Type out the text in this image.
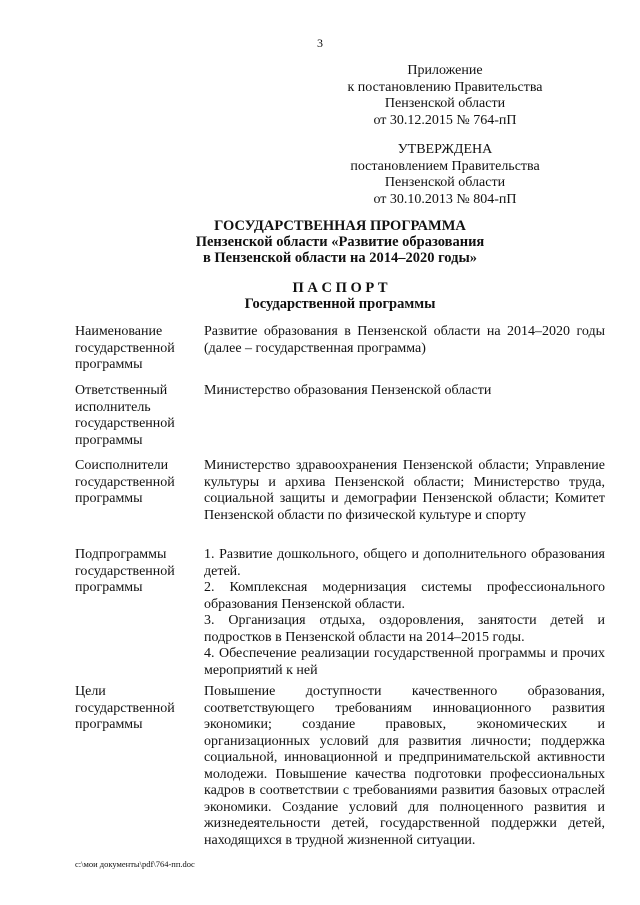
3
Приложение
к постановлению Правительства
Пензенской области
от 30.12.2015 № 764-пП
УТВЕРЖДЕНА
постановлением Правительства
Пензенской области
от 30.10.2013 № 804-пП
ГОСУДАРСТВЕННАЯ ПРОГРАММА
Пензенской области «Развитие образования
в Пензенской области на 2014–2020 годы»
П А С П О Р Т
Государственной программы
Наименование государственной программы

Развитие образования в Пензенской области на 2014–2020 годы (далее – государственная программа)

Ответственный исполнитель государственной программы

Министерство образования Пензенской области

Соисполнители государственной программы

Министерство здравоохранения Пензенской области; Управление культуры и архива Пензенской области; Министерство труда, социальной защиты и демографии Пензенской области; Комитет Пензенской области по физической культуре и спорту

Подпрограммы государственной программы

1. Развитие дошкольного, общего и дополнительного образования детей.

2. Комплексная модернизация системы профессионального образования Пензенской области.

3. Организация отдыха, оздоровления, занятости детей и подростков в Пензенской области на 2014–2015 годы.

4. Обеспечение реализации государственной программы и прочих мероприятий к ней

Цели государственной программы

Повышение доступности качественного образования, соответствующего требованиям инновационного развития экономики; создание правовых, экономических и организационных условий для развития личности; поддержка социальной, инновационной и предпринимательской активности молодежи. Повышение качества подготовки профессиональных кадров в соответствии с требованиями развития базовых отраслей экономики. Создание условий для полноценного развития и жизнедеятельности детей, государственной поддержки детей, находящихся в трудной жизненной ситуации.

c:\мои документы\pdf\764-пп.doc
